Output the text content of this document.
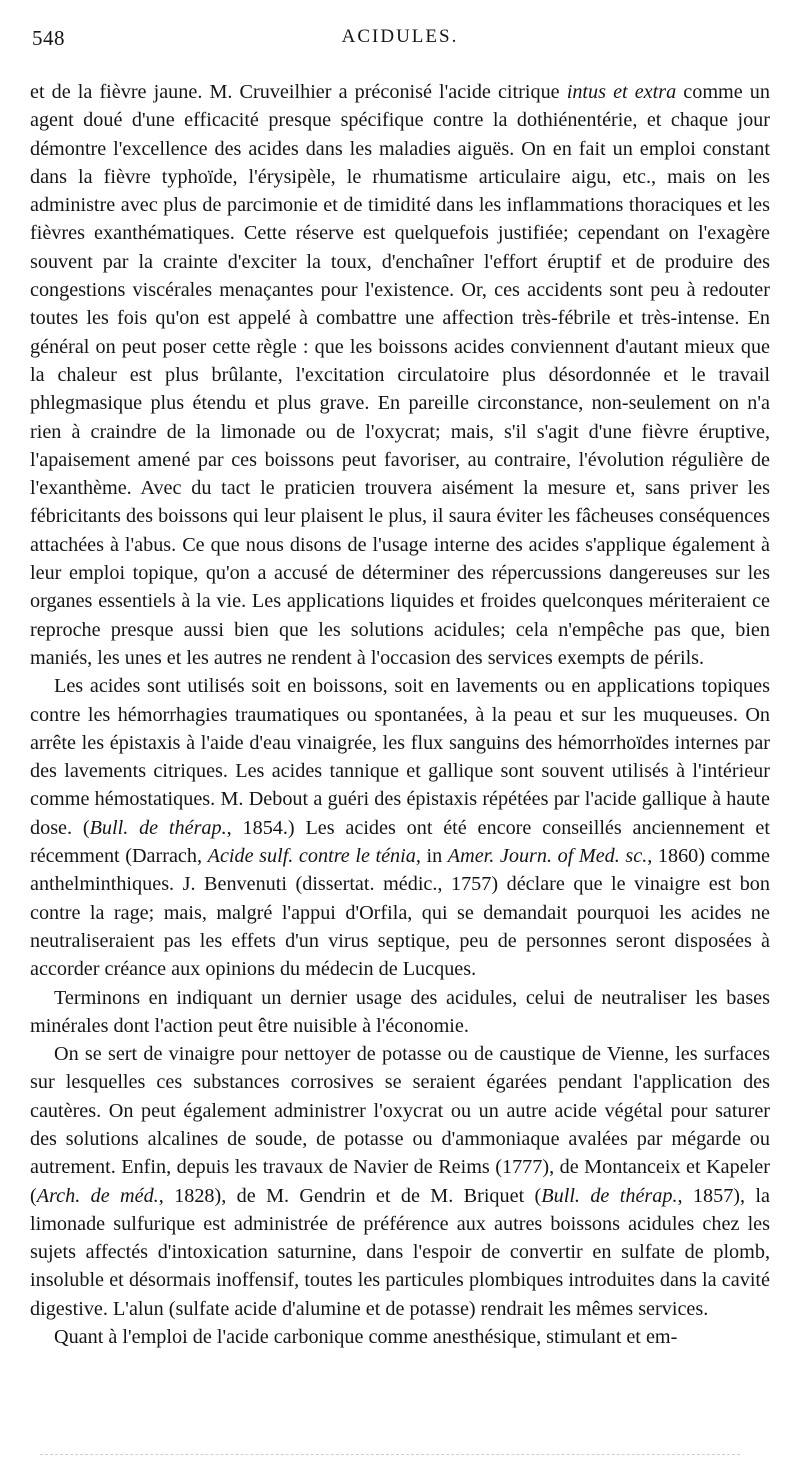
548	ACIDULES.

et de la fièvre jaune. M. Cruveilhier a préconisé l'acide citrique intus et extra comme un agent doué d'une efficacité presque spécifique contre la dothiénentérie, et chaque jour démontre l'excellence des acides dans les maladies aiguës. On en fait un emploi constant dans la fièvre typhoïde, l'érysipèle, le rhumatisme articulaire aigu, etc., mais on les administre avec plus de parcimonie et de timidité dans les inflammations thoraciques et les fièvres exanthématiques. Cette réserve est quelquefois justifiée; cependant on l'exagère souvent par la crainte d'exciter la toux, d'enchaîner l'effort éruptif et de produire des congestions viscérales menaçantes pour l'existence. Or, ces accidents sont peu à redouter toutes les fois qu'on est appelé à combattre une affection très-fébrile et très-intense. En général on peut poser cette règle : que les boissons acides conviennent d'autant mieux que la chaleur est plus brûlante, l'excitation circulatoire plus désordonnée et le travail phlegmasique plus étendu et plus grave. En pareille circonstance, non-seulement on n'a rien à craindre de la limonade ou de l'oxycrat; mais, s'il s'agit d'une fièvre éruptive, l'apaisement amené par ces boissons peut favoriser, au contraire, l'évolution régulière de l'exanthème. Avec du tact le praticien trouvera aisément la mesure et, sans priver les fébricitants des boissons qui leur plaisent le plus, il saura éviter les fâcheuses conséquences attachées à l'abus. Ce que nous disons de l'usage interne des acides s'applique également à leur emploi topique, qu'on a accusé de déterminer des répercussions dangereuses sur les organes essentiels à la vie. Les applications liquides et froides quelconques mériteraient ce reproche presque aussi bien que les solutions acidules; cela n'empêche pas que, bien maniés, les unes et les autres ne rendent à l'occasion des services exempts de périls.

Les acides sont utilisés soit en boissons, soit en lavements ou en applications topiques contre les hémorrhagies traumatiques ou spontanées, à la peau et sur les muqueuses. On arrête les épistaxis à l'aide d'eau vinaigrée, les flux sanguins des hémorrhoïdes internes par des lavements citriques. Les acides tannique et gallique sont souvent utilisés à l'intérieur comme hémostatiques. M. Debout a guéri des épistaxis répétées par l'acide gallique à haute dose. (Bull. de thérap., 1854.) Les acides ont été encore conseillés anciennement et récemment (Darrach, Acide sulf. contre le ténia, in Amer. Journ. of Med. sc., 1860) comme anthelminthiques. J. Benvenuti (dissertat. médic., 1757) déclare que le vinaigre est bon contre la rage; mais, malgré l'appui d'Orfila, qui se demandait pourquoi les acides ne neutraliseraient pas les effets d'un virus septique, peu de personnes seront disposées à accorder créance aux opinions du médecin de Lucques.

Terminons en indiquant un dernier usage des acidules, celui de neutraliser les bases minérales dont l'action peut être nuisible à l'économie.

On se sert de vinaigre pour nettoyer de potasse ou de caustique de Vienne, les surfaces sur lesquelles ces substances corrosives se seraient égarées pendant l'application des cautères. On peut également administrer l'oxycrat ou un autre acide végétal pour saturer des solutions alcalines de soude, de potasse ou d'ammoniaque avalées par mégarde ou autrement. Enfin, depuis les travaux de Navier de Reims (1777), de Montanceix et Kapeler (Arch. de méd., 1828), de M. Gendrin et de M. Briquet (Bull. de thérap., 1857), la limonade sulfurique est administrée de préférence aux autres boissons acidules chez les sujets affectés d'intoxication saturnine, dans l'espoir de convertir en sulfate de plomb, insoluble et désormais inoffensif, toutes les particules plombiques introduites dans la cavité digestive. L'alun (sulfate acide d'alumine et de potasse) rendrait les mêmes services.

Quant à l'emploi de l'acide carbonique comme anesthésique, stimulant et em-
